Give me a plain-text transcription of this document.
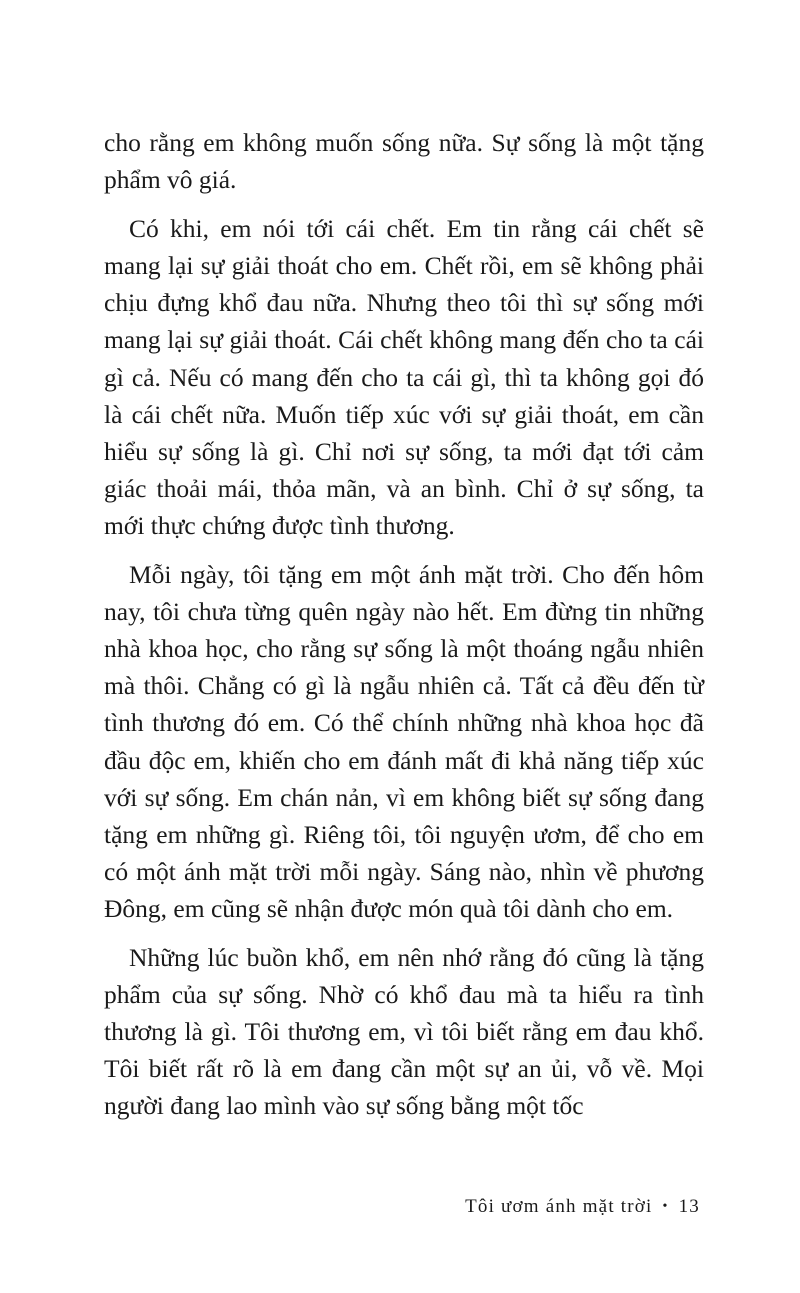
cho rằng em không muốn sống nữa. Sự sống là một tặng phẩm vô giá.

Có khi, em nói tới cái chết. Em tin rằng cái chết sẽ mang lại sự giải thoát cho em. Chết rồi, em sẽ không phải chịu đựng khổ đau nữa. Nhưng theo tôi thì sự sống mới mang lại sự giải thoát. Cái chết không mang đến cho ta cái gì cả. Nếu có mang đến cho ta cái gì, thì ta không gọi đó là cái chết nữa. Muốn tiếp xúc với sự giải thoát, em cần hiểu sự sống là gì. Chỉ nơi sự sống, ta mới đạt tới cảm giác thoải mái, thỏa mãn, và an bình. Chỉ ở sự sống, ta mới thực chứng được tình thương.

Mỗi ngày, tôi tặng em một ánh mặt trời. Cho đến hôm nay, tôi chưa từng quên ngày nào hết. Em đừng tin những nhà khoa học, cho rằng sự sống là một thoáng ngẫu nhiên mà thôi. Chẳng có gì là ngẫu nhiên cả. Tất cả đều đến từ tình thương đó em. Có thể chính những nhà khoa học đã đầu độc em, khiến cho em đánh mất đi khả năng tiếp xúc với sự sống. Em chán nản, vì em không biết sự sống đang tặng em những gì. Riêng tôi, tôi nguyện ươm, để cho em có một ánh mặt trời mỗi ngày. Sáng nào, nhìn về phương Đông, em cũng sẽ nhận được món quà tôi dành cho em.

Những lúc buồn khổ, em nên nhớ rằng đó cũng là tặng phẩm của sự sống. Nhờ có khổ đau mà ta hiểu ra tình thương là gì. Tôi thương em, vì tôi biết rằng em đau khổ. Tôi biết rất rõ là em đang cần một sự an ủi, vỗ về. Mọi người đang lao mình vào sự sống bằng một tốc

Tôi ươm ánh mặt trời • 13
